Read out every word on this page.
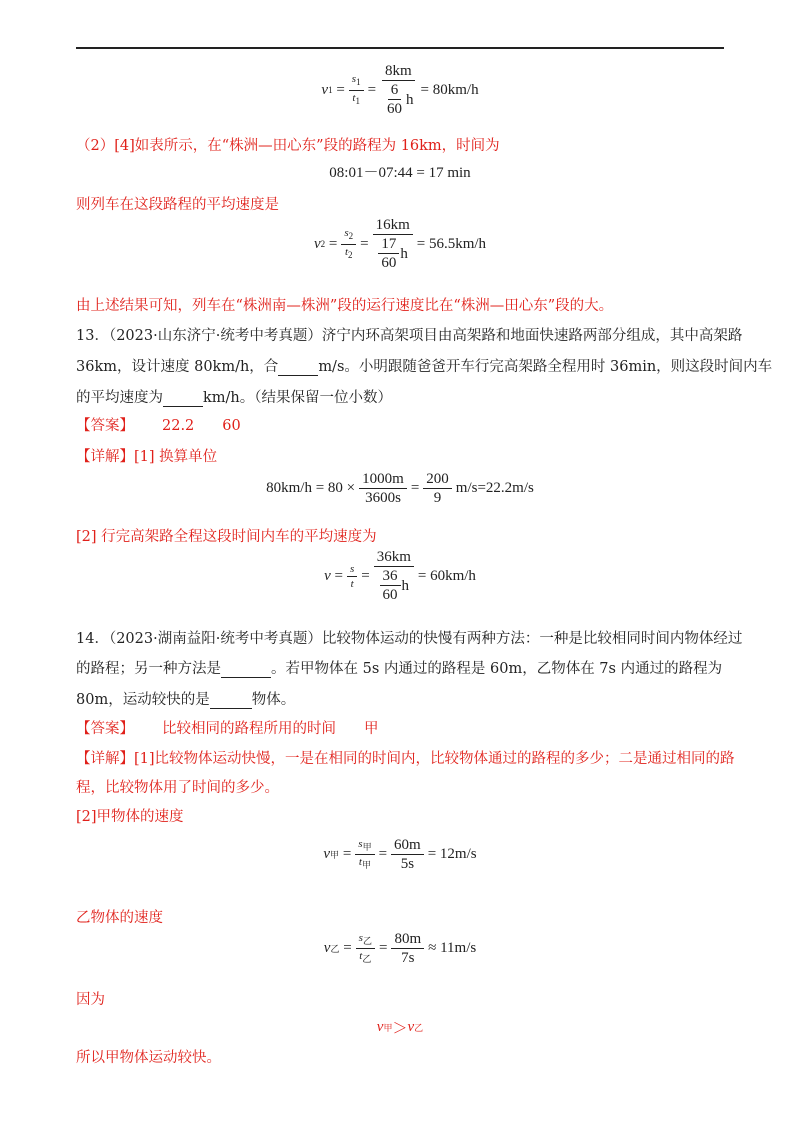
v $1 = \frac{s_1}{t_1} = \frac{8km}{\frac{6}{60} h} = 80km/h$
（2）[4]如表所示，在“株洲—田心东”段的路程为 16km，时间为
08:01－07:44 = 17 min
则列车在这段路程的平均速度是
v $2 = \frac{s_2}{t_2} = \frac{16km}{\frac{17}{60} h} = 56.5km/h$
由上述结果可知，列车在“株洲南—株洲”段的运行速度比在“株洲—田心东”段的大。
13．（2023·山东济宁·统考中考真题）济宁内环高架项目由高架路和地面快速路两部分组成，其中高架路
36km，设计速度 80km/h，合	m/s。小明跟随爸爸开车行完高架路全程用时 36min，则这段时间内车
的平均速度为	km/h。（结果保留一位小数）
【答案】 22.2 60
【详解】[1] 换算单位
$80km/h = 80 \times \frac{1000m}{3600s} = \frac{200}{9} m/s=22.2m/s$
[2] 行完高架路全程这段时间内车的平均速度为
$v = \frac{s}{t} = \frac{36km}{\frac{36}{60} h} = 60km/h$
14．（2023·湖南益阳·统考中考真题）比较物体运动的快慢有两种方法：一种是比较相同时间内物体经过
的路程；另一种方法是	。若甲物体在 5s 内通过的路程是 60m，乙物体在 7s 内通过的路程为
80m，运动较快的是	物体。
【答案】 比较相同的路程所用的时间 甲
【详解】[1]比较物体运动快慢，一是在相同的时间内，比较物体通过的路程的多少；二是通过相同的路
程，比较物体用了时间的多少。
[2]甲物体的速度
v 甲 = $\frac{s_甲}{t_甲} = \frac{60m}{5s} = 12m/s$
乙物体的速度
v 乙 = $\frac{s_乙}{t_乙} = \frac{80m}{7s} \approx 11m/s$
因为
v 甲 ＞ v 乙
所以甲物体运动较快。
